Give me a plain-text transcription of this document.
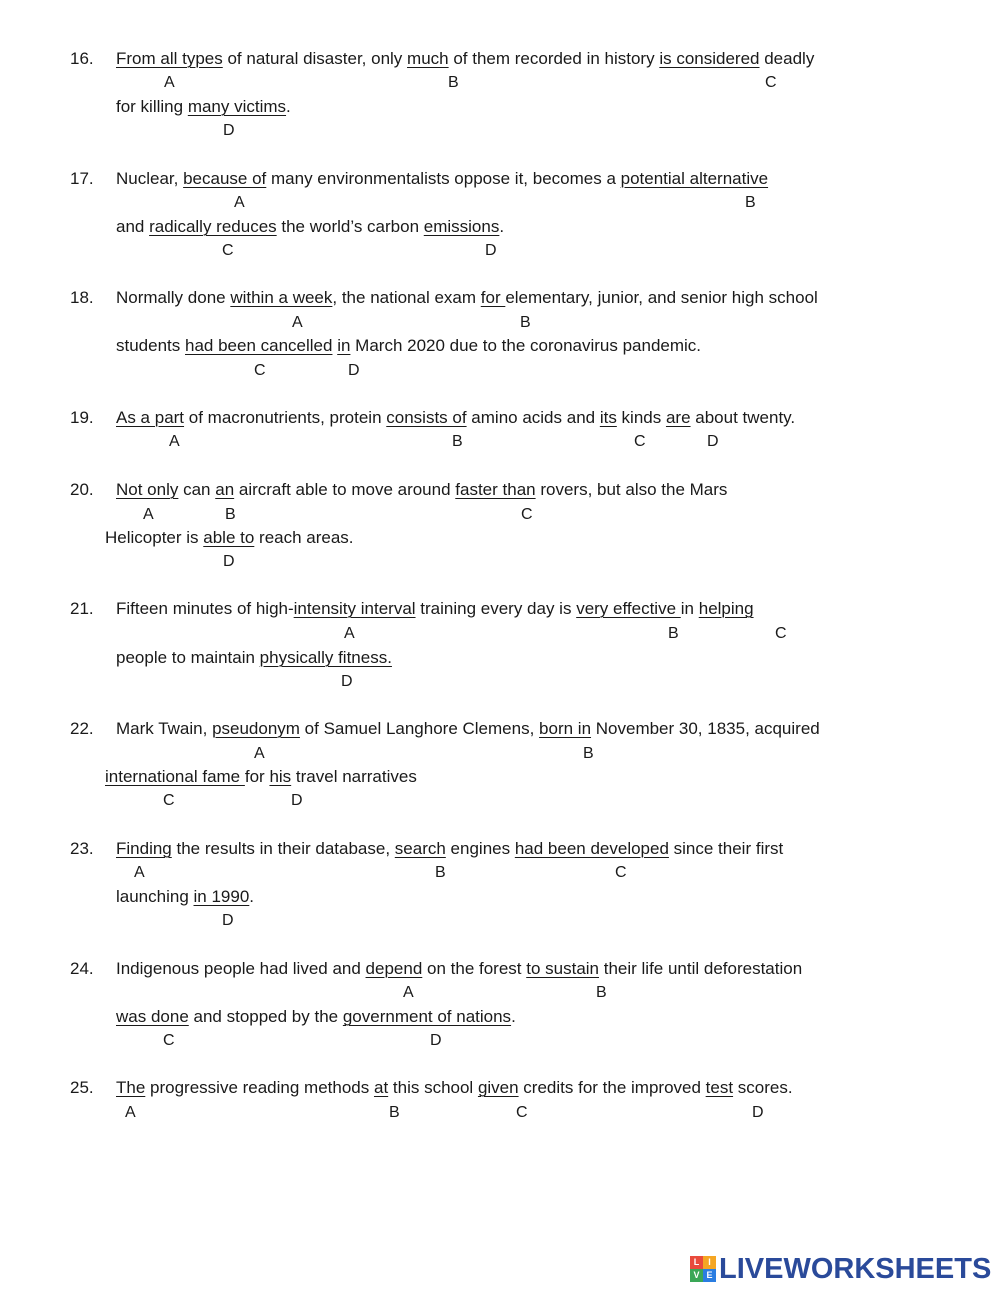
16. From all types of natural disaster, only much of them recorded in history is considered deadly
A	B	C
for killing many victims.
D
17. Nuclear, because of many environmentalists oppose it, becomes a potential alternative
A	B
and radically reduces the world’s carbon emissions.
C	D
18. Normally done within a week, the national exam for elementary, junior, and senior high school
A	B
students had been cancelled in March 2020 due to the coronavirus pandemic.
C	D
19. As a part of macronutrients, protein consists of amino acids and its kinds are about twenty.
A	B	C	D
20. Not only can an aircraft able to move around faster than rovers, but also the Mars
A	B	C
Helicopter is able to reach areas.
D
21. Fifteen minutes of high-intensity interval training every day is very effective in helping
A	B	C
people to maintain physically fitness.
D
22. Mark Twain, pseudonym of Samuel Langhore Clemens, born in November 30, 1835, acquired
A	B
international fame for his travel narratives
C	D
23. Finding the results in their database, search engines had been developed since their first
A	B	C
launching in 1990.
D
24. Indigenous people had lived and depend on the forest to sustain their life until deforestation
A	B
was done and stopped by the government of nations.
C	D
25. The progressive reading methods at this school given credits for the improved test scores.
A	B	C	D
L I
V E LIVEWORKSHEETS
